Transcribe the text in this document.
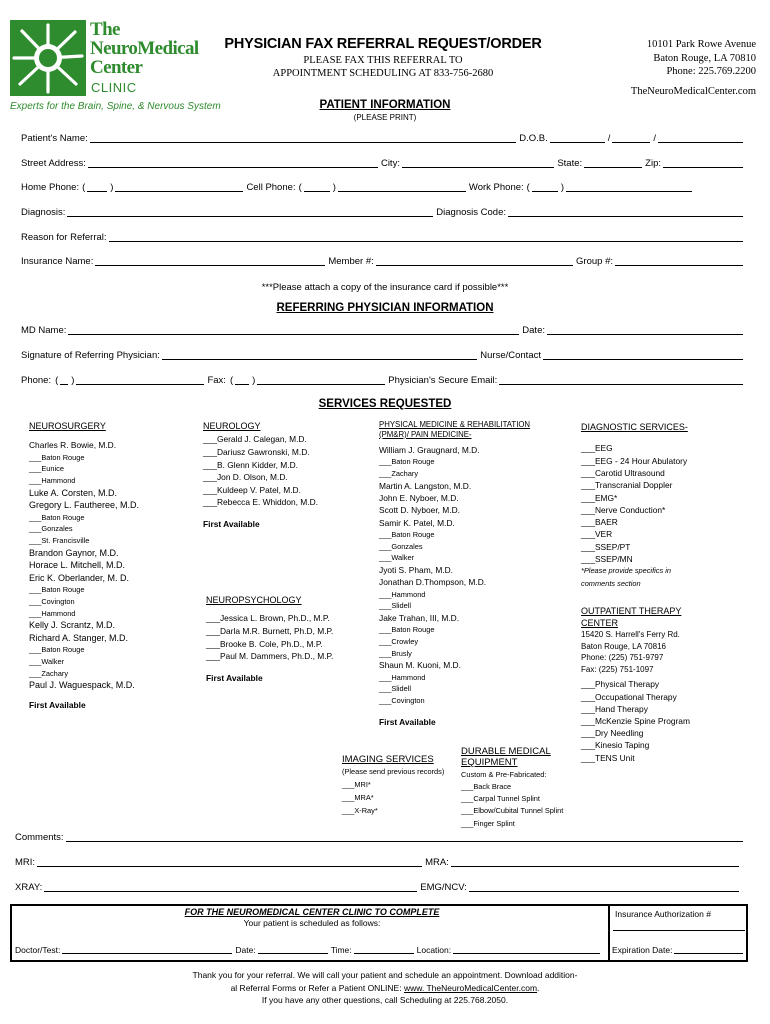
The
NeuroMedical
Center
CLINIC
Experts for the Brain, Spine, & Nervous System
PHYSICIAN FAX REFERRAL REQUEST/ORDER
PLEASE FAX THIS REFERRAL TO
APPOINTMENT SCHEDULING AT 833-756-2680
10101 Park Rowe Avenue
Baton Rouge, LA 70810
Phone: 225.769.2200
TheNeuroMedicalCenter.com
PATIENT INFORMATION
(PLEASE PRINT)
Patient's Name:	D.O.B.	/	/
Street Address:	City:	State:	Zip:
Home Phone: (	)	Cell Phone: (	)	Work Phone: (	)
Diagnosis:	Diagnosis Code:
Reason for Referral:
Insurance Name:	Member #:	Group #:
***Please attach a copy of the insurance card if possible***
REFERRING PHYSICIAN INFORMATION
MD Name:	Date:
Signature of Referring Physician:	Nurse/Contact
Phone: ( )	Fax: ( )	Physician's Secure Email:
SERVICES REQUESTED
NEUROSURGERY
Charles R. Bowie, M.D.
___Baton Rouge
___Eunice
___Hammond
Luke A. Corsten, M.D.
Gregory L. Fautheree, M.D.
___Baton Rouge
___Gonzales
___St. Francisville
Brandon Gaynor, M.D.
Horace L. Mitchell, M.D.
Eric K. Oberlander, M. D.
___Baton Rouge
___Covington
___Hammond
Kelly J. Scrantz, M.D.
Richard A. Stanger, M.D.
___Baton Rouge
___Walker
___Zachary
Paul J. Waguespack, M.D.
First Available
NEUROLOGY
___Gerald J. Calegan, M.D.
___Dariusz Gawronski, M.D.
___B. Glenn Kidder, M.D.
___Jon D. Olson, M.D.
___Kuldeep V. Patel, M.D.
___Rebecca E. Whiddon, M.D.
First Available
NEUROPSYCHOLOGY
___Jessica L. Brown, Ph.D., M.P.
___Darla M.R. Burnett, Ph.D, M.P.
___Brooke B. Cole, Ph.D., M.P.
___Paul M. Dammers, Ph.D., M.P.
First Available
PHYSICAL MEDICINE & REHABILITATION
(PM&R)/ PAIN MEDICINE-
William J. Graugnard, M.D.
___Baton Rouge
___Zachary
Martin A. Langston, M.D.
John E. Nyboer, M.D.
Scott D. Nyboer, M.D.
Samir K. Patel, M.D.
___Baton Rouge
___Gonzales
___Walker
Jyoti S. Pham, M.D.
Jonathan D.Thompson, M.D.
___Hammond
___Slidell
Jake Trahan, III, M.D.
___Baton Rouge
___Crowley
___Brusly
Shaun M. Kuoni, M.D.
___Hammond
___Slidell
___Covington
First Available
IMAGING SERVICES
(Please send previous records)
___MRI*
___MRA*
___X-Ray*
DURABLE MEDICAL
EQUIPMENT
Custom & Pre-Fabricated:
___Back Brace
___Carpal Tunnel Splint
___Elbow/Cubital Tunnel Splint
___Finger Splint
DIAGNOSTIC SERVICES-
___EEG
___EEG - 24 Hour Abulatory
___Carotid Ultrasound
___Transcranial Doppler
___EMG*
___Nerve Conduction*
___BAER
___VER
___SSEP/PT
___SSEP/MN
*Please provide specifics in
comments section
OUTPATIENT THERAPY
CENTER
15420 S. Harrell's Ferry Rd.
Baton Rouge, LA 70816
Phone: (225) 751-9797
Fax: (225) 751-1097
___Physical Therapy
___Occupational Therapy
___Hand Therapy
___McKenzie Spine Program
___Dry Needling
___Kinesio Taping
___TENS Unit
Comments:
MRI:	MRA:
XRAY:	EMG/NCV:
FOR THE NEUROMEDICAL CENTER CLINIC TO COMPLETE
Your patient is scheduled as follows:
Insurance Authorization #
Expiration Date:
Doctor/Test:	Date:	Time:	Location:
Thank you for your referral. We will call your patient and schedule an appointment. Download addition-
al Referral Forms or Refer a Patient ONLINE: www. TheNeuroMedicalCenter.com.
If you have any other questions, call Scheduling at 225.768.2050.
